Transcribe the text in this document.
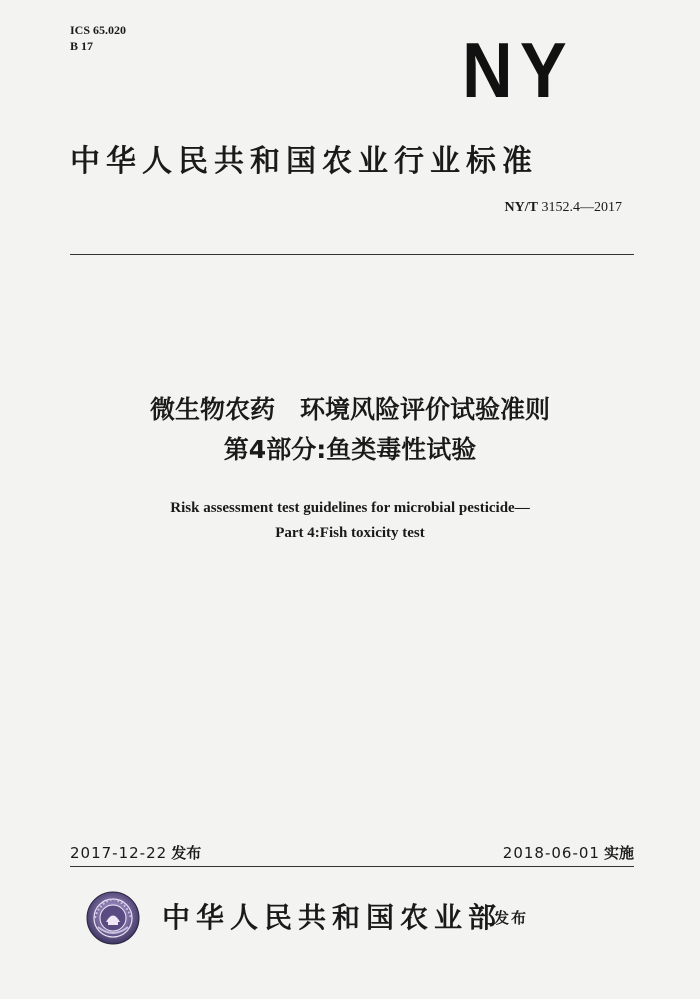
ICS 65.020
B 17	NY
中华人民共和国农业行业标准
NY/T 3152.4—2017
微生物农药　环境风险评价试验准则
第4部分:鱼类毒性试验
Risk assessment test guidelines for microbial pesticide—
Part 4:Fish toxicity test
2017-12-22 发布	2018-06-01 实施
中华人民共和国农业部
发布
